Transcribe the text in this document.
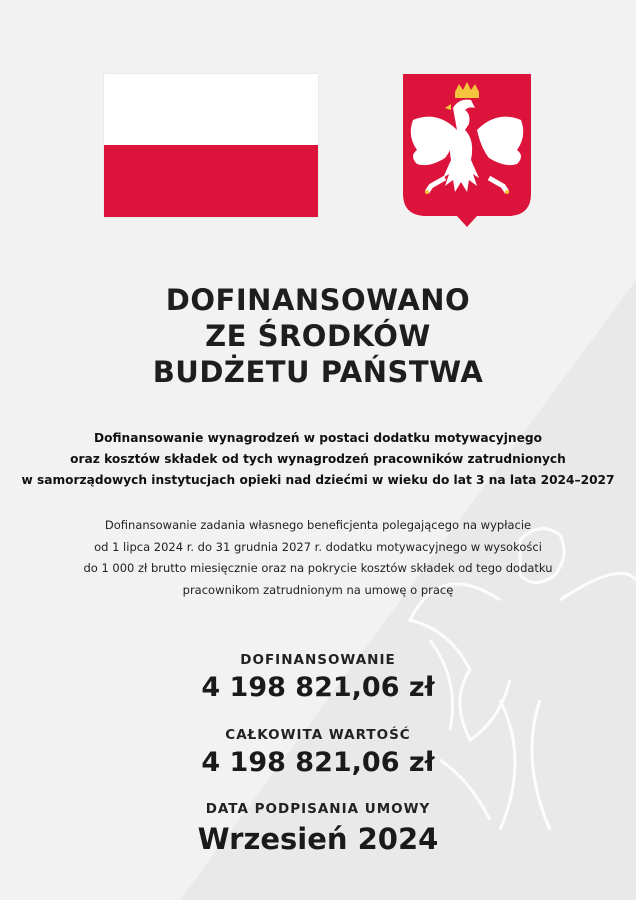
DOFINANSOWANO
ZE ŚRODKÓW
BUDŻETU PAŃSTWA
Dofinansowanie wynagrodzeń w postaci dodatku motywacyjnego
oraz kosztów składek od tych wynagrodzeń pracowników zatrudnionych
w samorządowych instytucjach opieki nad dziećmi w wieku do lat 3 na lata 2024–2027
Dofinansowanie zadania własnego beneficjenta polegającego na wypłacie
od 1 lipca 2024 r. do 31 grudnia 2027 r. dodatku motywacyjnego w wysokości
do 1 000 zł brutto miesięcznie oraz na pokrycie kosztów składek od tego dodatku
pracownikom zatrudnionym na umowę o pracę
DOFINANSOWANIE
4 198 821,06 zł
CAŁKOWITA WARTOŚĆ
4 198 821,06 zł
DATA PODPISANIA UMOWY
Wrzesień 2024
